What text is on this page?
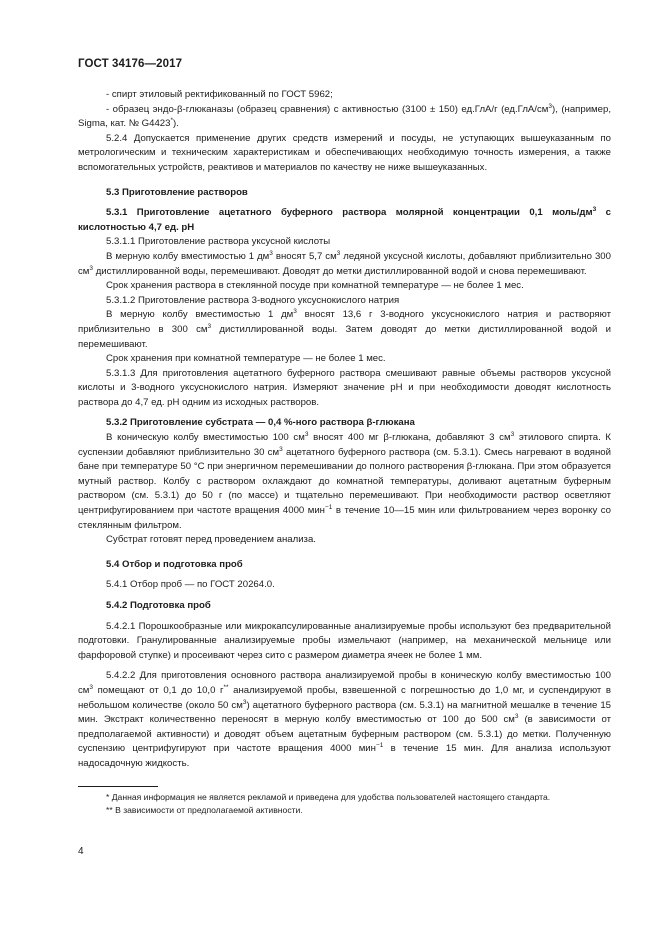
ГОСТ 34176—2017

- спирт этиловый ректификованный по ГОСТ 5962;

- образец эндо-β-глюканазы (образец сравнения) с активностью (3100 ± 150) ед.ГлА/г $(ед.ГлА/см^3)$, (например, Sigma, кат. № G4423*).

5.2.4 Допускается применение других средств измерений и посуды, не уступающих вышеуказанным по метрологическим и техническим характеристикам и обеспечивающих необходимую точность измерения, а также вспомогательных устройств, реактивов и материалов по качеству не ниже вышеуказанных.

5.3 Приготовление растворов

5.3.1 Приготовление ацетатного буферного раствора молярной концентрации 0,1 моль/$дм^3$ с кислотностью 4,7 ед. pH

5.3.1.1 Приготовление раствора уксусной кислоты

В мерную колбу вместимостью 1 $дм^3$ вносят 5,7 $см^3$ ледяной уксусной кислоты, добавляют приблизительно 300 $см^3$ дистиллированной воды, перемешивают. Доводят до метки дистиллированной водой и снова перемешивают.

Срок хранения раствора в стеклянной посуде при комнатной температуре — не более 1 мес.

5.3.1.2 Приготовление раствора 3-водного уксуснокислого натрия

В мерную колбу вместимостью 1 $дм^3$ вносят 13,6 г 3-водного уксуснокислого натрия и растворяют приблизительно в 300 $см^3$ дистиллированной воды. Затем доводят до метки дистиллированной водой и перемешивают.

Срок хранения при комнатной температуре — не более 1 мес.

5.3.1.3 Для приготовления ацетатного буферного раствора смешивают равные объемы растворов уксусной кислоты и 3-водного уксуснокислого натрия. Измеряют значение pH и при необходимости доводят кислотность раствора до 4,7 ед. pH одним из исходных растворов.

5.3.2 Приготовление субстрата — 0,4 %-ного раствора β-глюкана

В коническую колбу вместимостью 100 $см^3$ вносят 400 мг β-глюкана, добавляют 3 $см^3$ этилового спирта. К суспензии добавляют приблизительно 30 $см^3$ ацетатного буферного раствора (см. 5.3.1). Смесь нагревают в водяной бане при температуре 50 °С при энергичном перемешивании до полного растворения β-глюкана. При этом образуется мутный раствор. Колбу с раствором охлаждают до комнатной температуры, доливают ацетатным буферным раствором (см. 5.3.1) до 50 г (по массе) и тщательно перемешивают. При необходимости раствор осветляют центрифугированием при частоте вращения 4000 мин$^{-1}$ в течение 10—15 мин или фильтрованием через воронку со стеклянным фильтром.

Субстрат готовят перед проведением анализа.

5.4 Отбор и подготовка проб

5.4.1 Отбор проб — по ГОСТ 20264.0.

5.4.2 Подготовка проб

5.4.2.1 Порошкообразные или микрокапсулированные анализируемые пробы используют без предварительной подготовки. Гранулированные анализируемые пробы измельчают (например, на механической мельнице или фарфоровой ступке) и просеивают через сито с размером диаметра ячеек не более 1 мм.

5.4.2.2 Для приготовления основного раствора анализируемой пробы в коническую колбу вместимостью 100 $см^3$ помещают от 0,1 до 10,0 г** анализируемой пробы, взвешенной с погрешностью до 1,0 мг, и суспендируют в небольшом количестве (около 50 $см^3$) ацетатного буферного раствора (см. 5.3.1) на магнитной мешалке в течение 15 мин. Экстракт количественно переносят в мерную колбу вместимостью от 100 до 500 $см^3$ (в зависимости от предполагаемой активности) и доводят объем ацетатным буферным раствором (см. 5.3.1) до метки. Полученную суспензию центрифугируют при частоте вращения 4000 мин$^{-1}$ в течение 15 мин. Для анализа используют надосадочную жидкость.

* Данная информация не является рекламой и приведена для удобства пользователей настоящего стандарта.

** В зависимости от предполагаемой активности.

4
